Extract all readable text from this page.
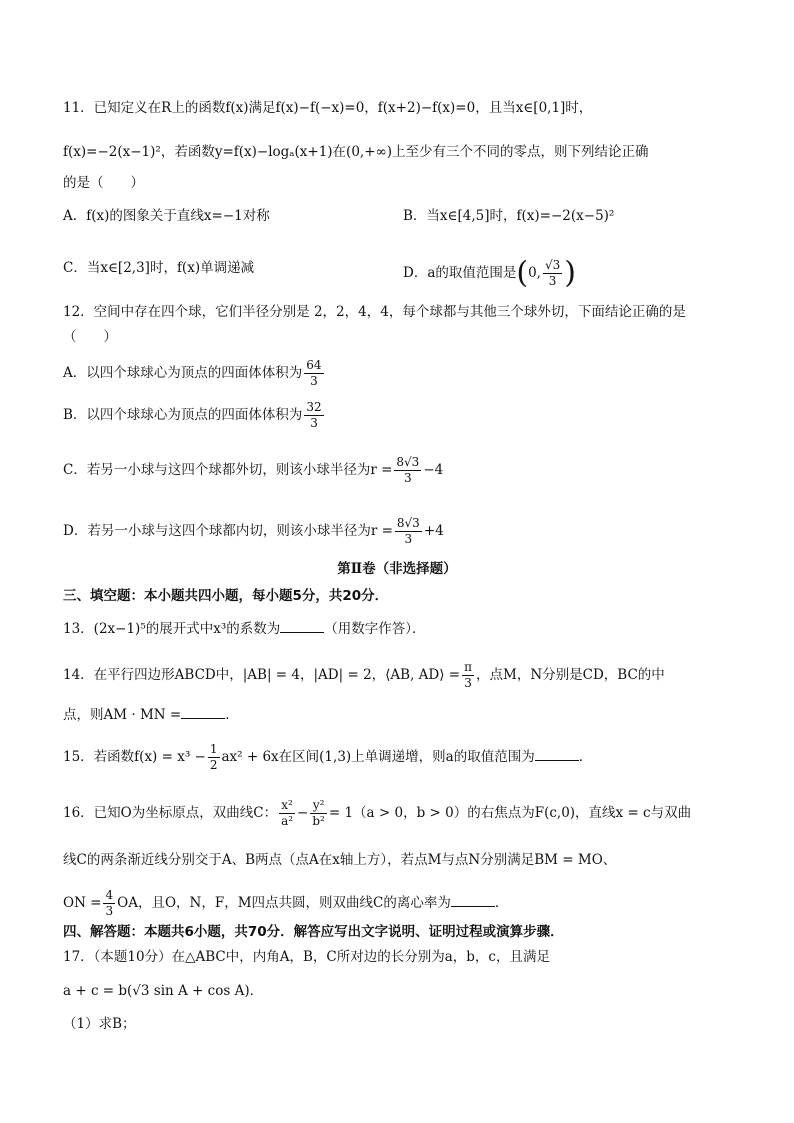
11．已知定义在R上的函数f(x)满足f(x)−f(−x)=0，f(x+2)−f(x)=0，且当x∈[0,1]时，
f(x)=−2(x−1)²，若函数y=f(x)−logₐ(x+1)在(0,+∞)上至少有三个不同的零点，则下列结论正确
的是（　　）
A．f(x)的图象关于直线x=−1对称	B．当x∈[4,5]时，f(x)=−2(x−5)²
C．当x∈[2,3]时，f(x)单调递减	D．a的取值范围是(0, $\frac{√3}{3}$ )
12．空间中存在四个球，它们半径分别是 2，2，4，4，每个球都与其他三个球外切，下面结论正确的是
（　　）
A．以四个球球心为顶点的四面体体积为 $\frac{64}{3}$
B．以四个球球心为顶点的四面体体积为 $\frac{32}{3}$
C．若另一小球与这四个球都外切，则该小球半径为$r = \frac{8√3}{3} -4$
D．若另一小球与这四个球都内切，则该小球半径为$r = \frac{8√3}{3} +4$
第Ⅱ卷（非选择题）
三、填空题：本小题共四小题，每小题5分，共20分．
13．(2x−1)⁵的展开式中x³的系数为	（用数字作答）．
14．在平行四边形ABCD中，|AB| = 4，|AD| = 2，⟨AB, AD⟩ = $\frac{\pi}{3}$ ，点M，N分别是CD，BC的中
点，则AM · MN =	．
15．若函数$f(x) = x^3 - \frac{1}{2} ax^2 + 6x$在区间(1,3)上单调递增，则a的取值范围为	．
16．已知O为坐标原点，双曲线C： $\frac{\text{x²}}{\text{a²}} - \frac{\text{y²}}{\text{b²}} = 1(a > 0$，b > 0）的右焦点为F(c,0)，直线x = c与双曲
线C的两条渐近线分别交于A、B两点（点A在x轴上方），若点M与点N分别满足BM = MO、
ON = $\frac{4}{3}$ OA，且O，N，F，M四点共圆，则双曲线C的离心率为	．
四、解答题：本题共6小题，共70分．解答应写出文字说明、证明过程或演算步骤．
17．（本题10分）在△ABC中，内角A，B，C所对边的长分别为a，b，c，且满足
a + c = b(√3 sin A + cos A)．
（1）求B；
